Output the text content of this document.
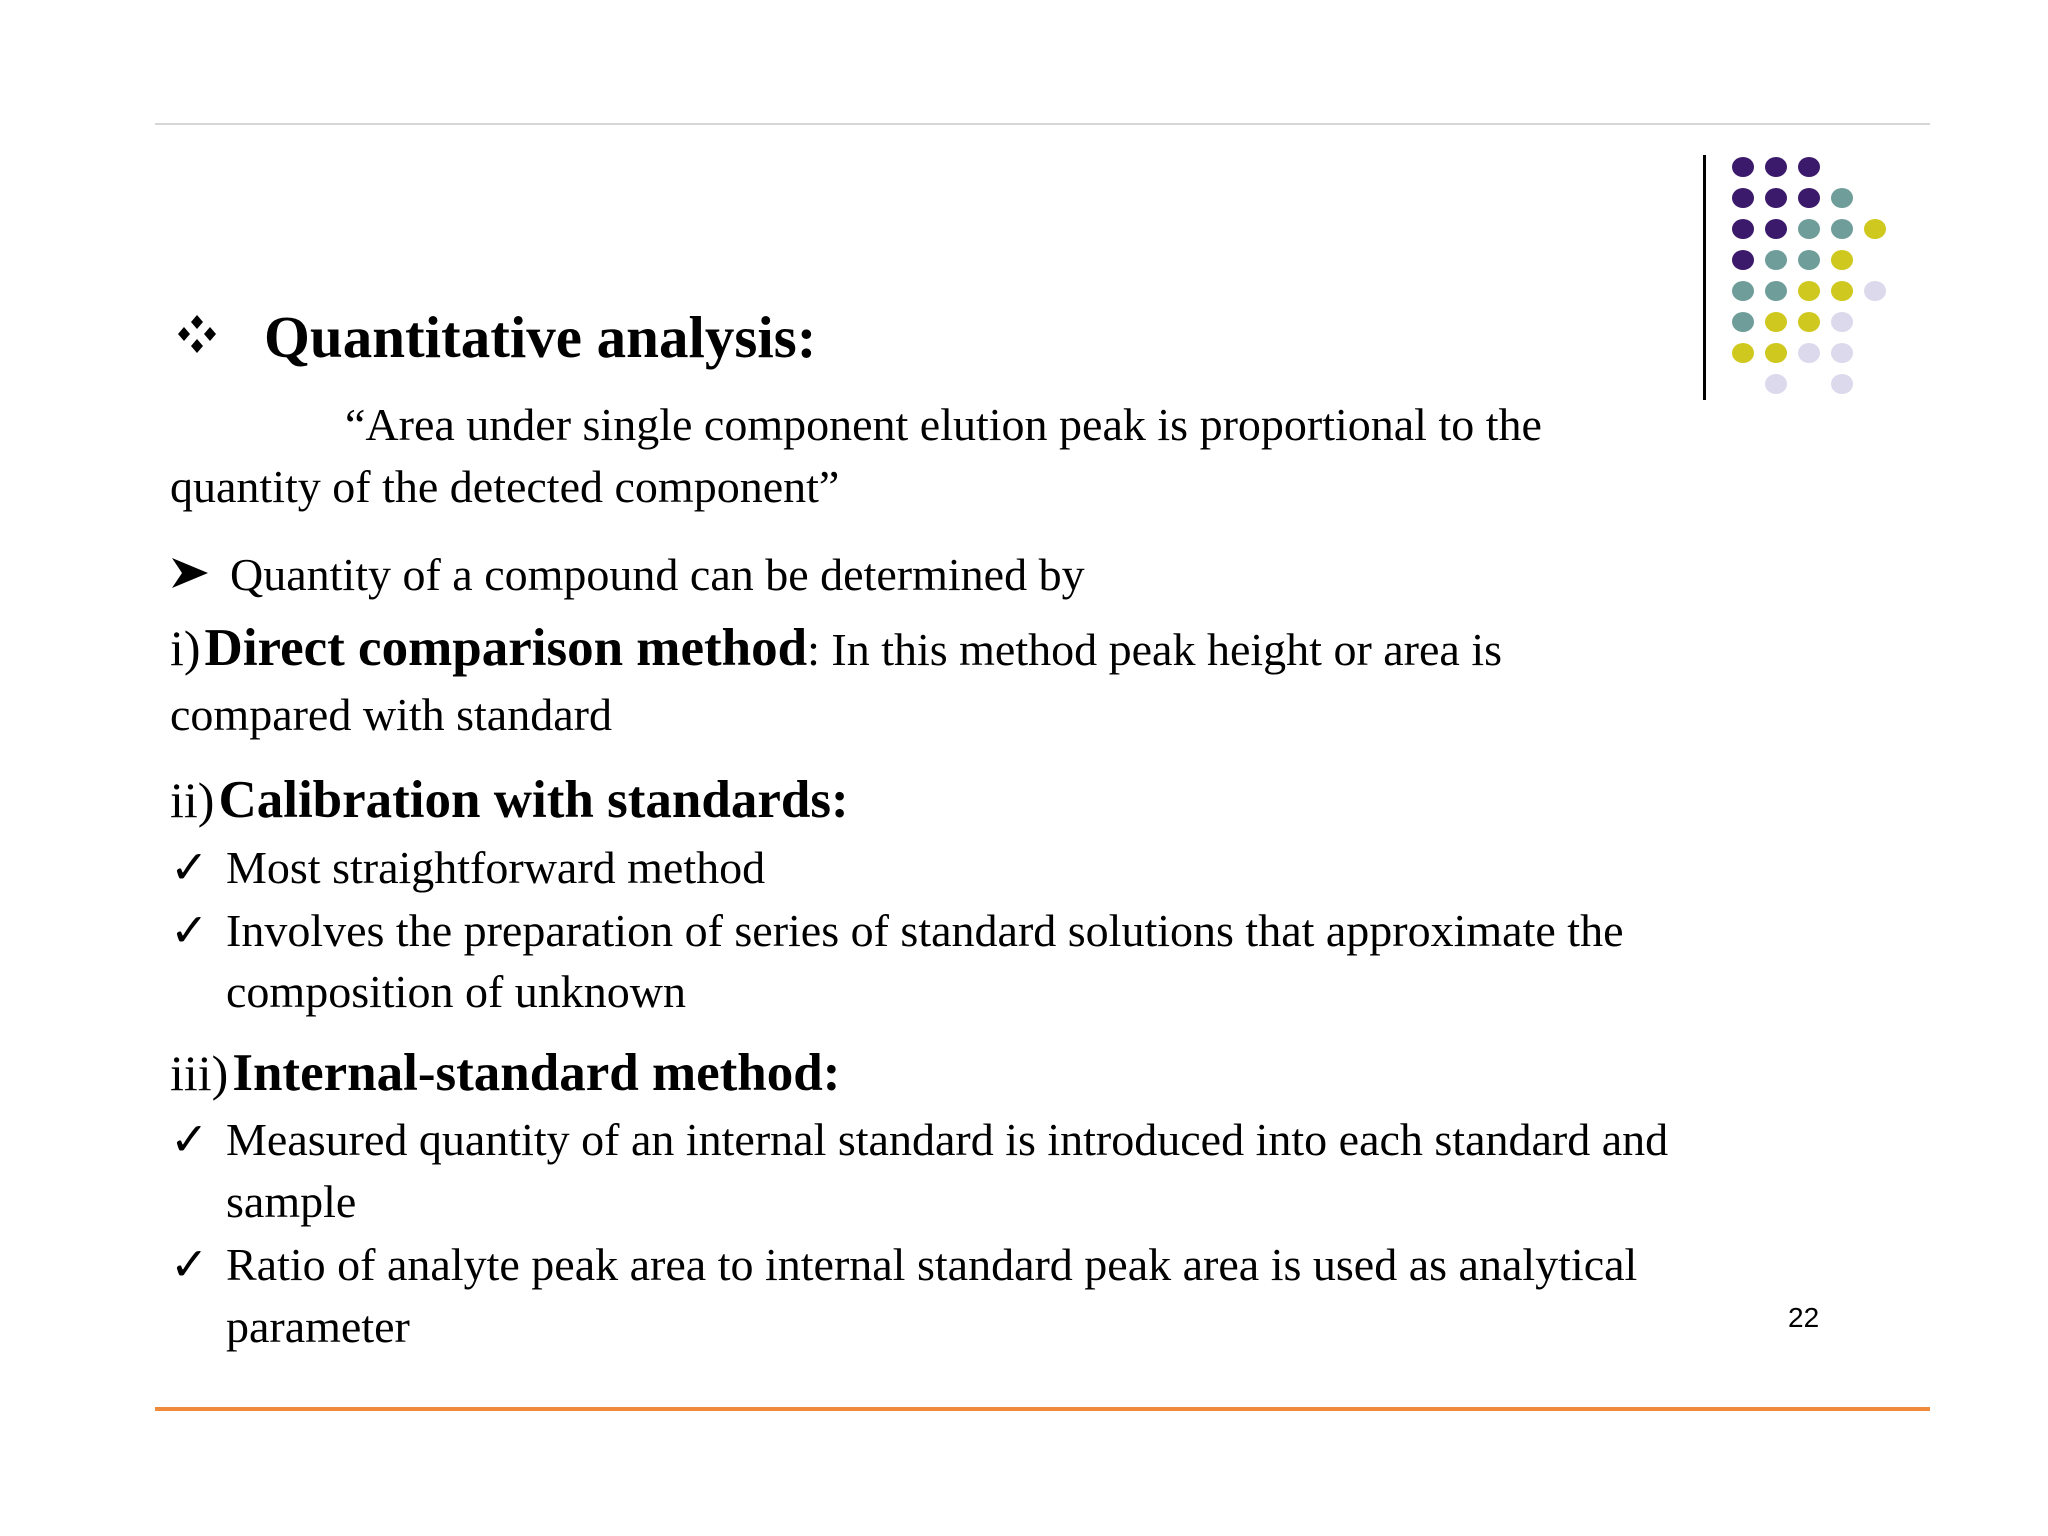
Quantitative analysis:
“Area under single component elution peak is proportional to the
quantity of the detected component”
Quantity of a compound can be determined by
i) Direct comparison method: In this method peak height or area is
compared with standard
ii) Calibration with standards:
✓ Most straightforward method
✓ Involves the preparation of series of standard solutions that approximate the
composition of unknown
iii) Internal-standard method:
✓ Measured quantity of an internal standard is introduced into each standard and
sample
✓ Ratio of analyte peak area to internal standard peak area is used as analytical
parameter	22
